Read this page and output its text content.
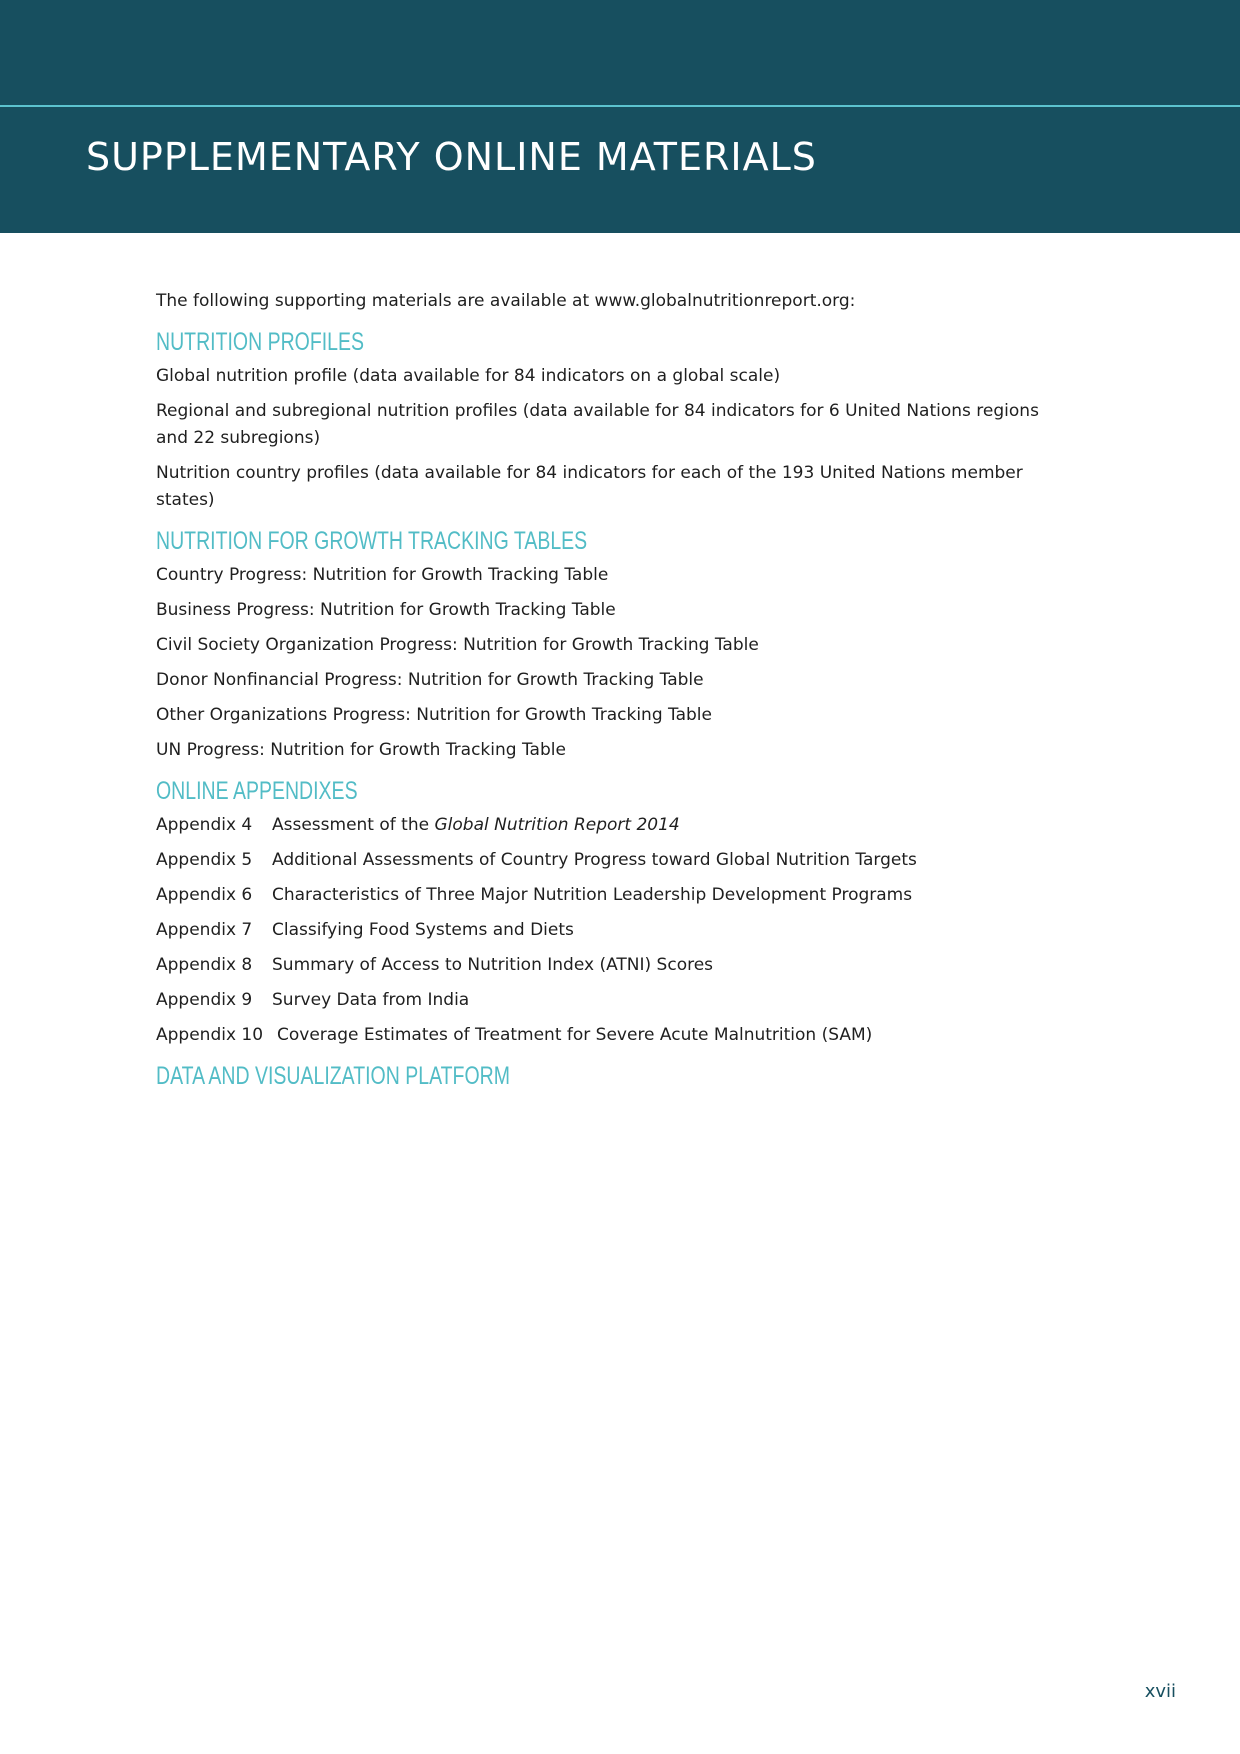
SUPPLEMENTARY ONLINE MATERIALS

The following supporting materials are available at www.globalnutritionreport.org:

NUTRITION PROFILES

Global nutrition profile (data available for 84 indicators on a global scale)

Regional and subregional nutrition profiles (data available for 84 indicators for 6 United Nations regions and 22 subregions)

Nutrition country profiles (data available for 84 indicators for each of the 193 United Nations member states)

NUTRITION FOR GROWTH TRACKING TABLES

Country Progress: Nutrition for Growth Tracking Table

Business Progress: Nutrition for Growth Tracking Table

Civil Society Organization Progress: Nutrition for Growth Tracking Table

Donor Nonfinancial Progress: Nutrition for Growth Tracking Table

Other Organizations Progress: Nutrition for Growth Tracking Table

UN Progress: Nutrition for Growth Tracking Table

ONLINE APPENDIXES
Appendix 4	Assessment of the Global Nutrition Report 2014
Appendix 5	Additional Assessments of Country Progress toward Global Nutrition Targets
Appendix 6	Characteristics of Three Major Nutrition Leadership Development Programs
Appendix 7	Classifying Food Systems and Diets
Appendix 8	Summary of Access to Nutrition Index (ATNI) Scores
Appendix 9	Survey Data from India
Appendix 10 Coverage Estimates of Treatment for Severe Acute Malnutrition (SAM)
DATA AND VISUALIZATION PLATFORM
xvii
